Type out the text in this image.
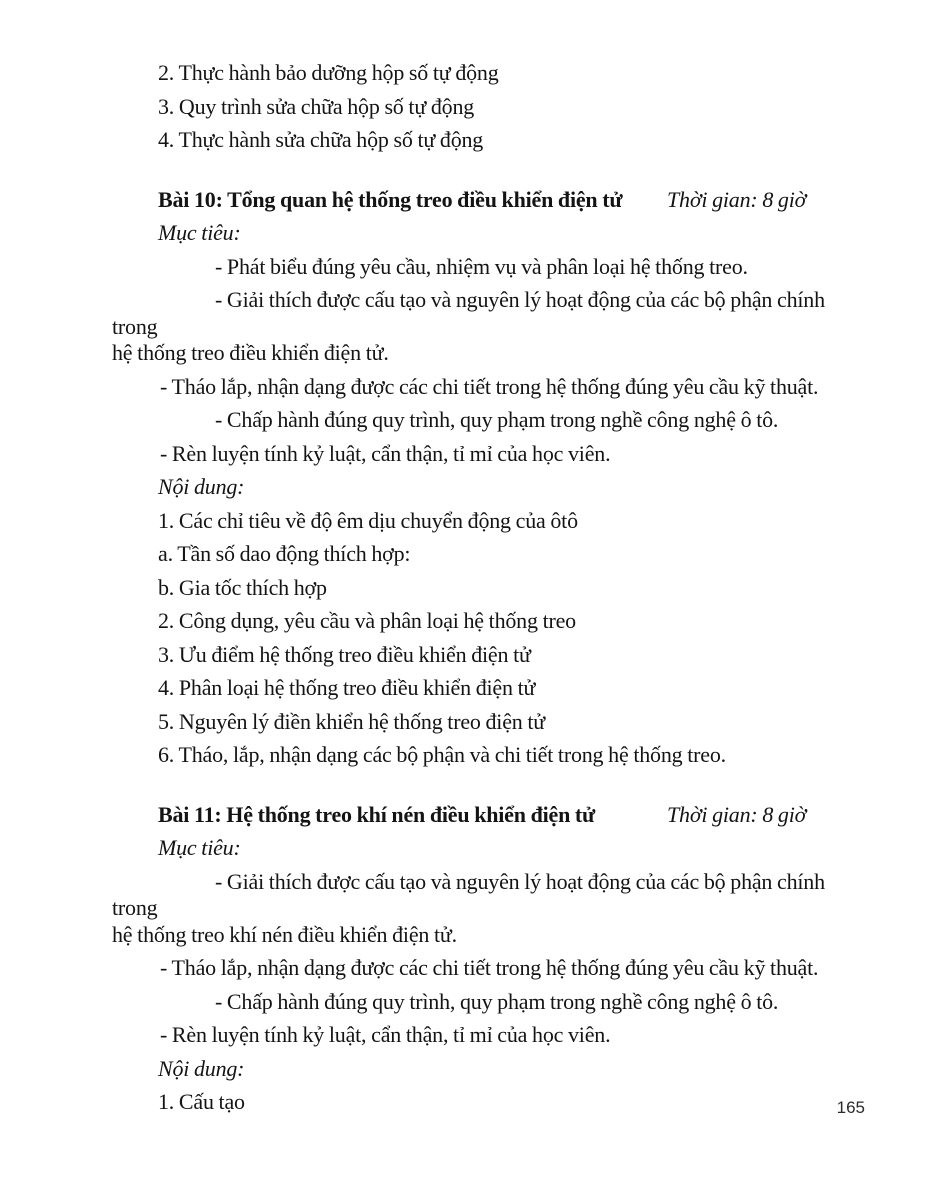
2. Thực hành bảo dưỡng hộp số tự động

3. Quy trình sửa chữa hộp số tự động

4. Thực hành sửa chữa hộp số tự động

Bài 10: Tổng quan hệ thống treo điều khiển điện tử Thời gian: 8 giờ

Mục tiêu:

- Phát biểu đúng yêu cầu, nhiệm vụ và phân loại hệ thống treo.

- Giải thích được cấu tạo và nguyên lý hoạt động của các bộ phận chính trong
hệ thống treo điều khiển điện tử.

- Tháo lắp, nhận dạng được các chi tiết trong hệ thống đúng yêu cầu kỹ thuật.

- Chấp hành đúng quy trình, quy phạm trong nghề công nghệ ô tô.

- Rèn luyện tính kỷ luật, cẩn thận, tỉ mỉ của học viên.

Nội dung:

1. Các chỉ tiêu về độ êm dịu chuyển động của ôtô

a. Tần số dao động thích hợp:

b. Gia tốc thích hợp

2. Công dụng, yêu cầu và phân loại hệ thống treo

3. Ưu điểm hệ thống treo điều khiển điện tử

4. Phân loại hệ thống treo điều khiển điện tử

5. Nguyên lý điền khiển hệ thống treo điện tử

6. Tháo, lắp, nhận dạng các bộ phận và chi tiết trong hệ thống treo.

Bài 11: Hệ thống treo khí nén điều khiển điện tử	Thời gian: 8 giờ

Mục tiêu:

- Giải thích được cấu tạo và nguyên lý hoạt động của các bộ phận chính trong
hệ thống treo khí nén điều khiển điện tử.

- Tháo lắp, nhận dạng được các chi tiết trong hệ thống đúng yêu cầu kỹ thuật.

- Chấp hành đúng quy trình, quy phạm trong nghề công nghệ ô tô.

- Rèn luyện tính kỷ luật, cẩn thận, tỉ mỉ của học viên.

Nội dung:

1. Cấu tạo	165
